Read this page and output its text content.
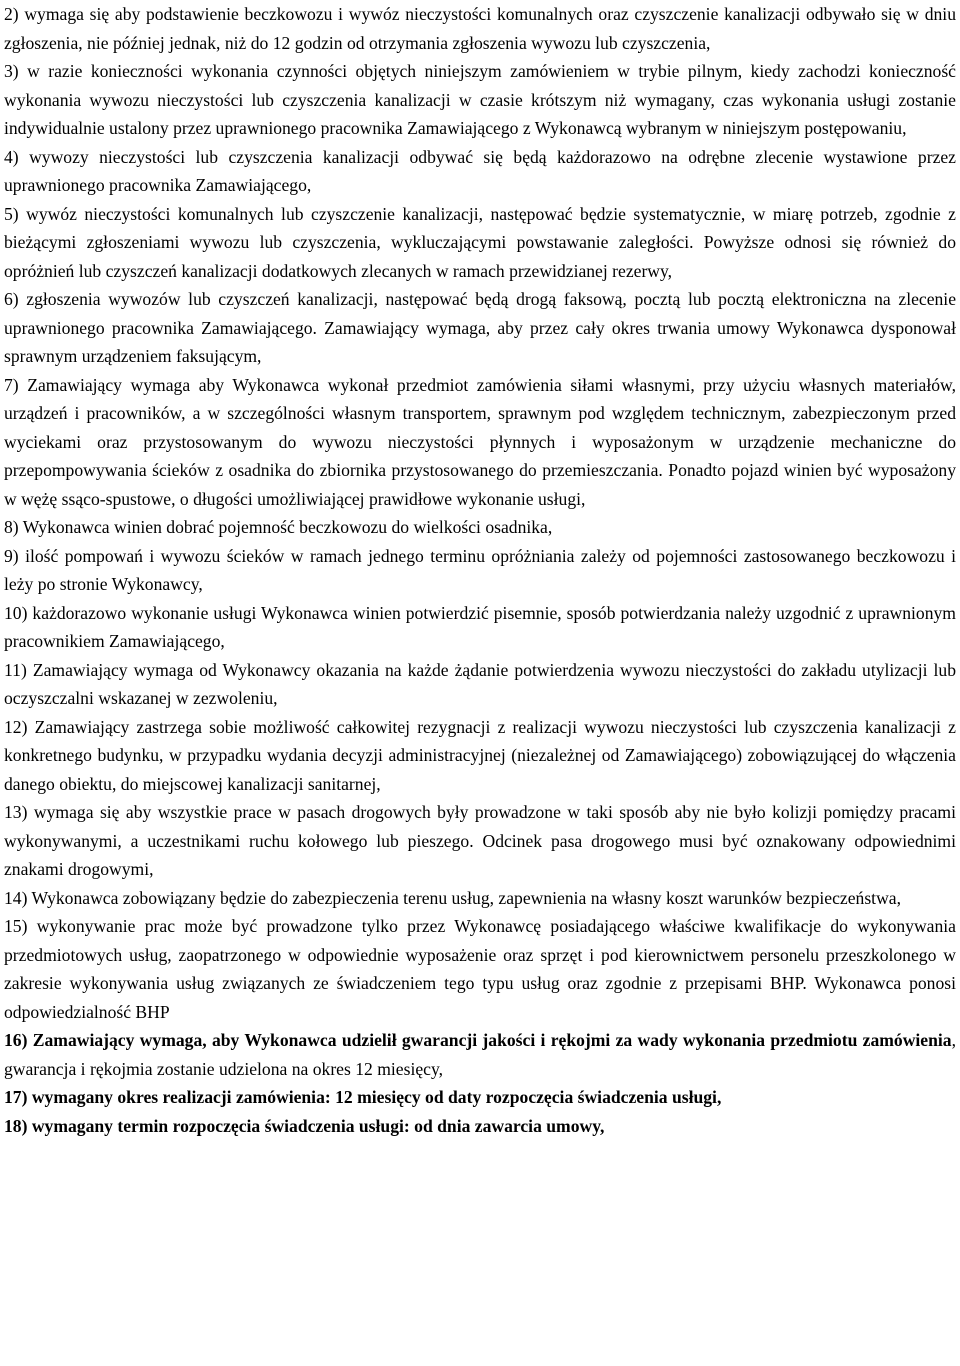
2) wymaga się aby podstawienie beczkowozu i wywóz nieczystości komunalnych oraz czyszczenie kanalizacji odbywało się w dniu zgłoszenia, nie później jednak, niż do 12 godzin od otrzymania zgłoszenia wywozu lub czyszczenia,

3) w razie konieczności wykonania czynności objętych niniejszym zamówieniem w trybie pilnym, kiedy zachodzi konieczność wykonania wywozu nieczystości lub czyszczenia kanalizacji w czasie krótszym niż wymagany, czas wykonania usługi zostanie indywidualnie ustalony przez uprawnionego pracownika Zamawiającego z Wykonawcą wybranym w niniejszym postępowaniu,

4) wywozy nieczystości lub czyszczenia kanalizacji odbywać się będą każdorazowo na odrębne zlecenie wystawione przez uprawnionego pracownika Zamawiającego,

5) wywóz nieczystości komunalnych lub czyszczenie kanalizacji, następować będzie systematycznie, w miarę potrzeb, zgodnie z bieżącymi zgłoszeniami wywozu lub czyszczenia, wykluczającymi powstawanie zaległości. Powyższe odnosi się również do opróżnień lub czyszczeń kanalizacji dodatkowych zlecanych w ramach przewidzianej rezerwy,

6) zgłoszenia wywozów lub czyszczeń kanalizacji, następować będą drogą faksową, pocztą lub pocztą elektroniczna na zlecenie uprawnionego pracownika Zamawiającego. Zamawiający wymaga, aby przez cały okres trwania umowy Wykonawca dysponował sprawnym urządzeniem faksującym,

7) Zamawiający wymaga aby Wykonawca wykonał przedmiot zamówienia siłami własnymi, przy użyciu własnych materiałów, urządzeń i pracowników, a w szczególności własnym transportem, sprawnym pod względem technicznym, zabezpieczonym przed wyciekami oraz przystosowanym do wywozu nieczystości płynnych i wyposażonym w urządzenie mechaniczne do przepompowywania ścieków z osadnika do zbiornika przystosowanego do przemieszczania. Ponadto pojazd winien być wyposażony w wężę ssąco-spustowe, o długości umożliwiającej prawidłowe wykonanie usługi,

8) Wykonawca winien dobrać pojemność beczkowozu do wielkości osadnika,

9) ilość pompowań i wywozu ścieków w ramach jednego terminu opróżniania zależy od pojemności zastosowanego beczkowozu i leży po stronie Wykonawcy,

10) każdorazowo wykonanie usługi Wykonawca winien potwierdzić pisemnie, sposób potwierdzania należy uzgodnić z uprawnionym pracownikiem Zamawiającego,

11) Zamawiający wymaga od Wykonawcy okazania na każde żądanie potwierdzenia wywozu nieczystości do zakładu utylizacji lub oczyszczalni wskazanej w zezwoleniu,

12) Zamawiający zastrzega sobie możliwość całkowitej rezygnacji z realizacji wywozu nieczystości lub czyszczenia kanalizacji z konkretnego budynku, w przypadku wydania decyzji administracyjnej (niezależnej od Zamawiającego) zobowiązującej do włączenia danego obiektu, do miejscowej kanalizacji sanitarnej,

13) wymaga się aby wszystkie prace w pasach drogowych były prowadzone w taki sposób aby nie było kolizji pomiędzy pracami wykonywanymi, a uczestnikami ruchu kołowego lub pieszego. Odcinek pasa drogowego musi być oznakowany odpowiednimi znakami drogowymi,

14) Wykonawca zobowiązany będzie do zabezpieczenia terenu usług, zapewnienia na własny koszt warunków bezpieczeństwa,

15) wykonywanie prac może być prowadzone tylko przez Wykonawcę posiadającego właściwe kwalifikacje do wykonywania przedmiotowych usług, zaopatrzonego w odpowiednie wyposażenie oraz sprzęt i pod kierownictwem personelu przeszkolonego w zakresie wykonywania usług związanych ze świadczeniem tego typu usług oraz zgodnie z przepisami BHP. Wykonawca ponosi odpowiedzialność BHP

16) Zamawiający wymaga, aby Wykonawca udzielił gwarancji jakości i rękojmi za wady wykonania przedmiotu zamówienia, gwarancja i rękojmia zostanie udzielona na okres 12 miesięcy,

17) wymagany okres realizacji zamówienia: 12 miesięcy od daty rozpoczęcia świadczenia usługi,

18) wymagany termin rozpoczęcia świadczenia usługi: od dnia zawarcia umowy,
